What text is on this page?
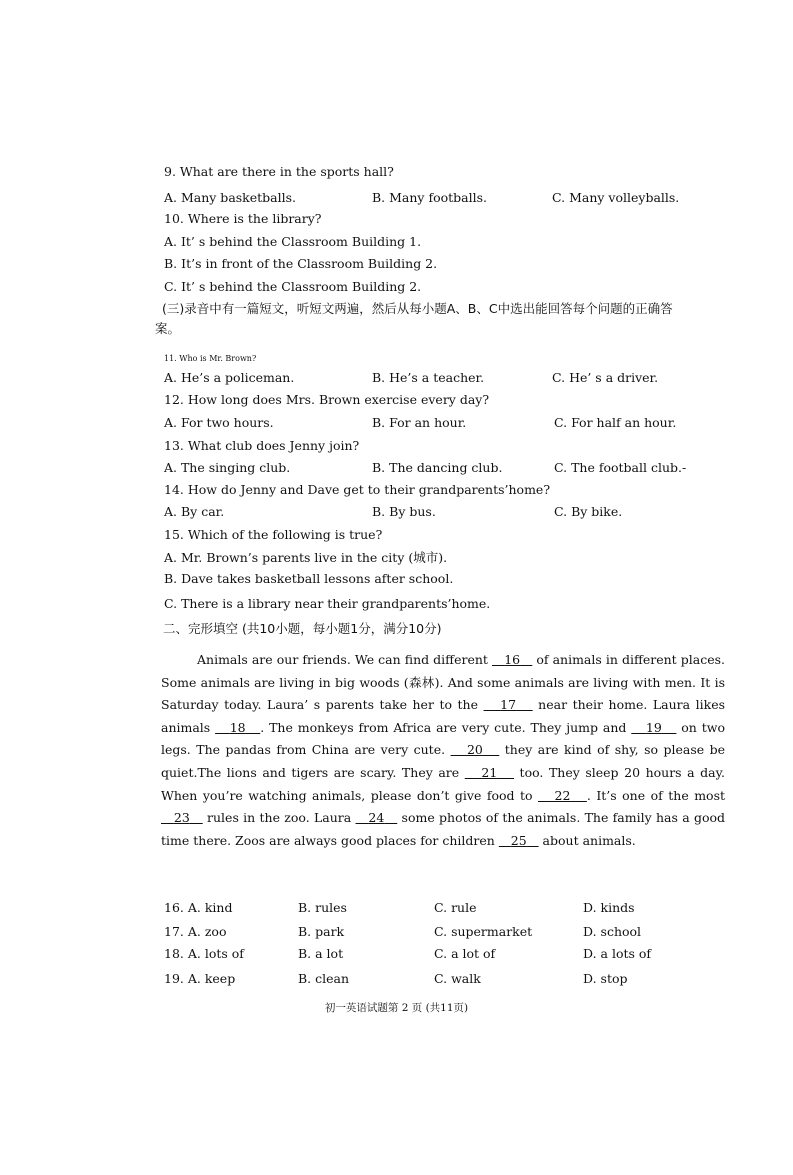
9. What are there in the sports hall?
A. Many basketballs.	B. Many footballs.	C. Many volleyballs.
10. Where is the library?
A. It’ s behind the Classroom Building 1.
B. It’s in front of the Classroom Building 2.
C. It’ s behind the Classroom Building 2.
(三)录音中有一篇短文，听短文两遍，然后从每小题A、B、C中选出能回答每个问题的正确答
案。
11. Who is Mr. Brown?
A. He’s a policeman.	B. He’s a teacher.	C. He’ s a driver.
12. How long does Mrs. Brown exercise every day?
A. For two hours.	B. For an hour.	C. For half an hour.
13. What club does Jenny join?
A. The singing club.	B. The dancing club.	C. The football club.-
14. How do Jenny and Dave get to their grandparents’home?
A. By car.	B. By bus.	C. By bike.
15. Which of the following is true?
A. Mr. Brown’s parents live in the city (城市).
B. Dave takes basketball lessons after school.
C. There is a library near their grandparents’home.
二、完形填空 (共10小题，每小题1分，满分10分)
Animals are our friends. We can find different    16    of animals in different places. Some animals are living in big woods (森林). And some animals are living with men. It is Saturday today. Laura’ s parents take her to the    17    near their home. Laura likes animals    18 . The monkeys from Africa are very cute. They jump and    19    on two legs. The pandas from China are very cute.    20    they are kind of shy, so please be quiet.The lions and tigers are scary. They are    21    too. They sleep 20 hours a day. When you’re watching animals, please don’t give food to    22 . It’s one of the most    23    rules in the zoo. Laura    24    some photos of the animals. The family has a good time there. Zoos are always good places for children    25    about animals.
16. A. kind	B. rules	C. rule	D. kinds
17. A. zoo	B. park	C. supermarket	D. school
18. A. lots of	B. a lot	C. a lot of	D. a lots of
19. A. keep	B. clean	C. walk	D. stop
初一英语试题第 2 页 (共11页)
